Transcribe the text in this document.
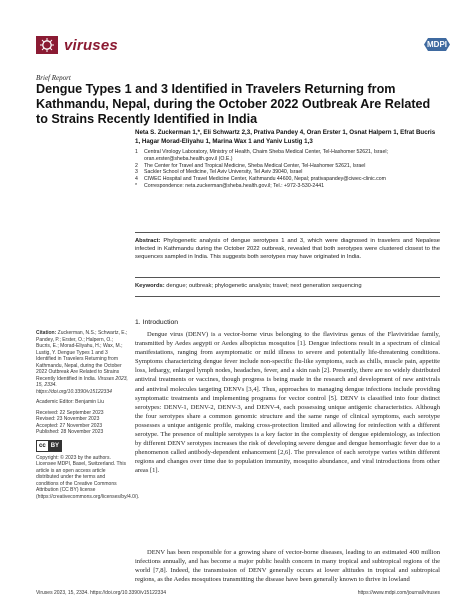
viruses	MDPI
Brief Report
Dengue Types 1 and 3 Identified in Travelers Returning from Kathmandu, Nepal, during the October 2022 Outbreak Are Related to Strains Recently Identified in India
Neta S. Zuckerman 1,*, Eli Schwartz 2,3, Prativa Pandey 4, Oran Erster 1, Osnat Halpern 1, Efrat Bucris 1, Hagar Morad-Eliyahu 1, Marina Wax 1 and Yaniv Lustig 1,3
1	Central Virology Laboratory, Ministry of Health, Chaim Sheba Medical Center, Tel-Hashomer 52621, Israel; oran.erster@sheba.health.gov.il (O.E.)
2	The Center for Travel and Tropical Medicine, Sheba Medical Center, Tel-Hashomer 52621, Israel
3	Sackler School of Medicine, Tel Aviv University, Tel Aviv 39040, Israel
4	CIWEC Hospital and Travel Medicine Center, Kathmandu 44600, Nepal; prativapandey@ciwec-clinic.com
*	Correspondence: neta.zuckerman@sheba.health.gov.il; Tel.: +972-3-530-2441
Abstract: Phylogenetic analysis of dengue serotypes 1 and 3, which were diagnosed in travelers and Nepalese infected in Kathmandu during the October 2022 outbreak, revealed that both serotypes were clustered closest to the sequences sampled in India. This suggests both serotypes may have originated in India.
Keywords: dengue; outbreak; phylogenetic analysis; travel; next generation sequencing
Citation: Zuckerman, N.S.; Schwartz, E.; Pandey, P.; Erster, O.; Halpern, O.; Bucris, E.; Morad-Eliyahu, H.; Wax, M.; Lustig, Y. Dengue Types 1 and 3 Identified in Travelers Returning from Kathmandu, Nepal, during the October 2022 Outbreak Are Related to Strains Recently Identified in India. Viruses 2023, 15, 2334. https://doi.org/10.3390/v15122334
Academic Editor: Benjamin Liu
Received: 22 September 2023
Revised: 23 November 2023
Accepted: 27 November 2023
Published: 28 November 2023
cc BY
Copyright: © 2023 by the authors. Licensee MDPI, Basel, Switzerland. This article is an open access article distributed under the terms and conditions of the Creative Commons Attribution (CC BY) license (https://creativecommons.org/licenses/by/4.0/).
1. Introduction
Dengue virus (DENV) is a vector-borne virus belonging to the flavivirus genus of the Flaviviridae family, transmitted by Aedes aegypti or Aedes albopictus mosquitos [1]. Dengue infections result in a spectrum of clinical manifestations, ranging from asymptomatic or mild illness to severe and potentially life-threatening conditions. Symptoms characterizing dengue fever include non-specific flu-like symptoms, such as chills, muscle pain, appetite loss, lethargy, enlarged lymph nodes, headaches, fever, and a skin rash [2]. Presently, there are no widely distributed antiviral treatments or vaccines, though progress is being made in the research and development of new antivirals and antiviral molecules targeting DENVs [3,4]. Thus, approaches to managing dengue infections include providing symptomatic treatments and implementing programs for vector control [5]. DENV is classified into four distinct serotypes: DENV-1, DENV-2, DENV-3, and DENV-4, each possessing unique antigenic characteristics. Although the four serotypes share a common genomic structure and the same range of clinical symptoms, each serotype possesses a unique antigenic profile, making cross-protection limited and allowing for reinfection with a different serotype. The presence of multiple serotypes is a key factor in the complexity of dengue epidemiology, as infection by different DENV serotypes increases the risk of developing severe dengue and dengue hemorrhagic fever due to a phenomenon called antibody-dependent enhancement [2,6]. The prevalence of each serotype varies within different regions and changes over time due to population immunity, mosquito abundance, and viral introductions from other areas [1].
DENV has been responsible for a growing share of vector-borne diseases, leading to an estimated 400 million infections annually, and has become a major public health concern in many tropical and subtropical regions of the world [7,8]. Indeed, the transmission of DENV generally occurs at lower altitudes in tropical and subtropical regions, as the Aedes mosquitoes transmitting the disease have been generally known to thrive in lowland
Viruses 2023, 15, 2334. https://doi.org/10.3390/v15122334	https://www.mdpi.com/journal/viruses
